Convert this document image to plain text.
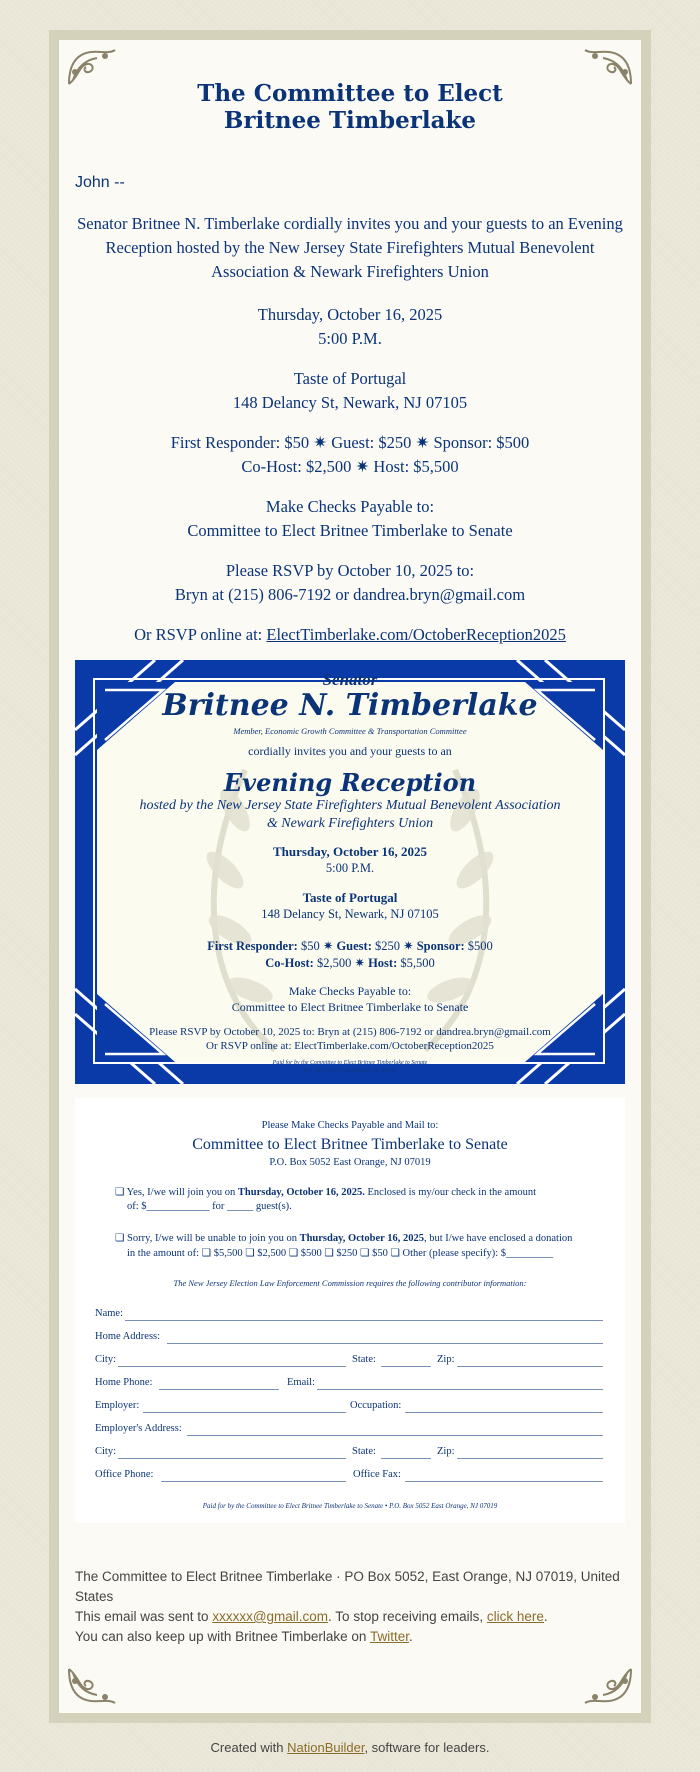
The Committee to Elect Britnee Timberlake
John --
Senator Britnee N. Timberlake cordially invites you and your guests to an Evening Reception hosted by the New Jersey State Firefighters Mutual Benevolent Association & Newark Firefighters Union
Thursday, October 16, 2025
5:00 P.M.
Taste of Portugal
148 Delancy St, Newark, NJ 07105
First Responder: $50 ✷ Guest: $250 ✷ Sponsor: $500
Co-Host: $2,500 ✷ Host: $5,500
Make Checks Payable to:
Committee to Elect Britnee Timberlake to Senate
Please RSVP by October 10, 2025 to:
Bryn at (215) 806-7192 or dandrea.bryn@gmail.com
Or RSVP online at: ElectTimberlake.com/OctoberReception2025
Senator
Britnee N. Timberlake
Member, Economic Growth Committee & Transportation Committee
cordially invites you and your guests to an
Evening Reception
hosted by the New Jersey State Firefighters Mutual Benevolent Association
& Newark Firefighters Union
Thursday, October 16, 2025
5:00 P.M.
Taste of Portugal
148 Delancy St, Newark, NJ 07105
First Responder: $50 ✷ Guest: $250 ✷ Sponsor: $500
Co-Host: $2,500 ✷ Host: $5,500
Make Checks Payable to:
Committee to Elect Britnee Timberlake to Senate
Please RSVP by October 10, 2025 to: Bryn at (215) 806-7192 or dandrea.bryn@gmail.com
Or RSVP online at: ElectTimberlake.com/OctoberReception2025
Paid for by the Committee to Elect Britnee Timberlake to Senate
P.O. Box 5052 East Orange, NJ 07019
Please Make Checks Payable and Mail to:
Committee to Elect Britnee Timberlake to Senate
P.O. Box 5052 East Orange, NJ 07019
❏ Yes, I/we will join you on Thursday, October 16, 2025. Enclosed is my/our check in the amount
of: $____________ for _____ guest(s).
❏ Sorry, I/we will be unable to join you on Thursday, October 16, 2025, but I/we have enclosed a donation
in the amount of: ❏ $5,500 ❏ $2,500 ❏ $500 ❏ $250 ❏ $50 ❏ Other (please specify): $_________
The New Jersey Election Law Enforcement Commission requires the following contributor information:
Name:
Home Address:
City:	State:	Zip:
Home Phone:	Email:
Employer:	Occupation:
Employer's Address:
City:	State:	Zip:
Office Phone:	Office Fax:
Paid for by the Committee to Elect Britnee Timberlake to Senate • P.O. Box 5052 East Orange, NJ 07019
The Committee to Elect Britnee Timberlake · PO Box 5052, East Orange, NJ 07019, United States
This email was sent to xxxxxx@gmail.com. To stop receiving emails, click here.
You can also keep up with Britnee Timberlake on Twitter.
Created with NationBuilder, software for leaders.
